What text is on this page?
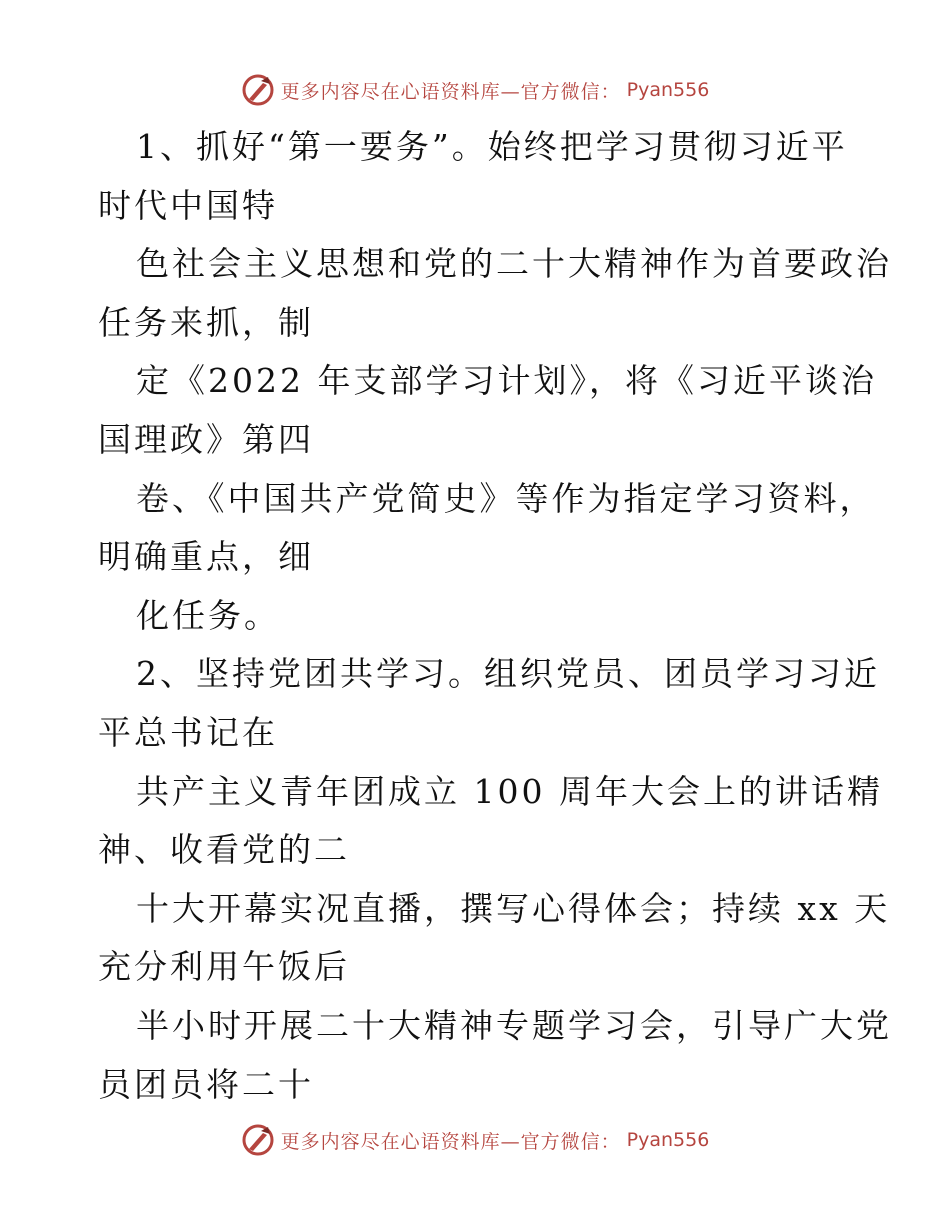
更多内容尽在心语资料库—官方微信： Pyan556
1、抓好“第一要务”。始终把学习贯彻习近平
时代中国特
色社会主义思想和党的二十大精神作为首要政治
任务来抓，制
定《2022 年支部学习计划》，将《习近平谈治
国理政》第四
卷、《中国共产党简史》等作为指定学习资料，
明确重点，细
化任务。
2、坚持党团共学习。组织党员、团员学习习近
平总书记在
共产主义青年团成立 100 周年大会上的讲话精
神、收看党的二
十大开幕实况直播，撰写心得体会；持续 xx 天
充分利用午饭后
半小时开展二十大精神专题学习会，引导广大党
员团员将二十
更多内容尽在心语资料库—官方微信： Pyan556
